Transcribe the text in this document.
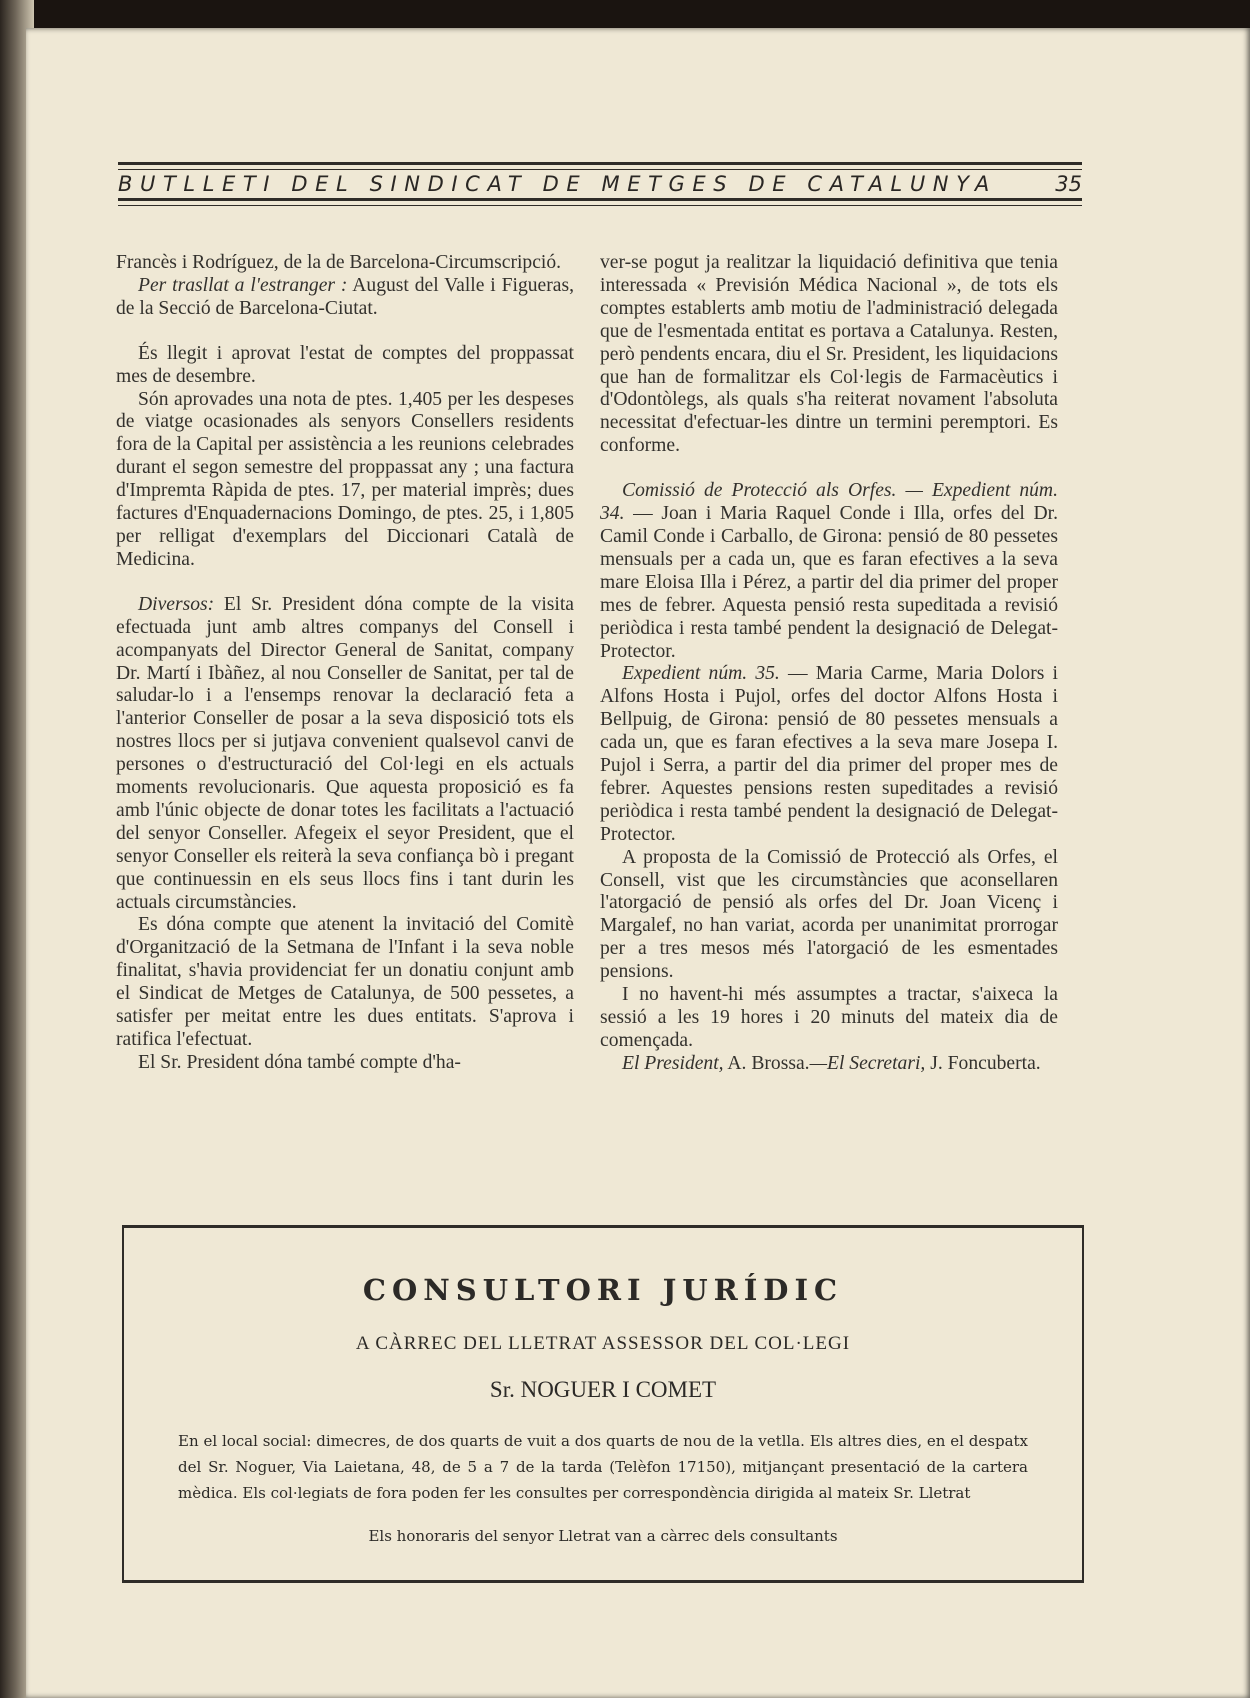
BUTLLETI DEL SINDICAT DE METGES DE CATALUNYA	35

Francès i Rodríguez, de la de Barcelona-Circumscripció.

Per trasllat a l'estranger : August del Valle i Figueras, de la Secció de Barcelona-Ciutat.

És llegit i aprovat l'estat de comptes del proppassat mes de desembre.

Són aprovades una nota de ptes. 1,405 per les despeses de viatge ocasionades als senyors Consellers residents fora de la Capital per assistència a les reunions celebrades durant el segon semestre del proppassat any ; una factura d'Impremta Ràpida de ptes. 17, per material imprès; dues factures d'Enquadernacions Domingo, de ptes. 25, i 1,805 per relligat d'exemplars del Diccionari Català de Medicina.

Diversos: El Sr. President dóna compte de la visita efectuada junt amb altres companys del Consell i acompanyats del Director General de Sanitat, company Dr. Martí i Ibàñez, al nou Conseller de Sanitat, per tal de saludar-lo i a l'ensemps renovar la declaració feta a l'anterior Conseller de posar a la seva disposició tots els nostres llocs per si jutjava convenient qualsevol canvi de persones o d'estructuració del Col·legi en els actuals moments revolucionaris. Que aquesta proposició es fa amb l'únic objecte de donar totes les facilitats a l'actuació del senyor Conseller. Afegeix el seyor President, que el senyor Conseller els reiterà la seva confiança bò i pregant que continuessin en els seus llocs fins i tant durin les actuals circumstàncies.

Es dóna compte que atenent la invitació del Comitè d'Organització de la Setmana de l'Infant i la seva noble finalitat, s'havia providenciat fer un donatiu conjunt amb el Sindicat de Metges de Catalunya, de 500 pessetes, a satisfer per meitat entre les dues entitats. S'aprova i ratifica l'efectuat.

El Sr. President dóna també compte d'ha-

ver-se pogut ja realitzar la liquidació definitiva que tenia interessada « Previsión Médica Nacional », de tots els comptes establerts amb motiu de l'administració delegada que de l'esmentada entitat es portava a Catalunya. Resten, però pendents encara, diu el Sr. President, les liquidacions que han de formalitzar els Col·legis de Farmacèutics i d'Odontòlegs, als quals s'ha reiterat novament l'absoluta necessitat d'efectuar-les dintre un termini peremptori. Es conforme.

Comissió de Protecció als Orfes. — Expedient núm. 34. — Joan i Maria Raquel Conde i Illa, orfes del Dr. Camil Conde i Carballo, de Girona: pensió de 80 pessetes mensuals per a cada un, que es faran efectives a la seva mare Eloisa Illa i Pérez, a partir del dia primer del proper mes de febrer. Aquesta pensió resta supeditada a revisió periòdica i resta també pendent la designació de Delegat-Protector.

Expedient núm. 35. — Maria Carme, Maria Dolors i Alfons Hosta i Pujol, orfes del doctor Alfons Hosta i Bellpuig, de Girona: pensió de 80 pessetes mensuals a cada un, que es faran efectives a la seva mare Josepa I. Pujol i Serra, a partir del dia primer del proper mes de febrer. Aquestes pensions resten supeditades a revisió periòdica i resta també pendent la designació de Delegat-Protector.

A proposta de la Comissió de Protecció als Orfes, el Consell, vist que les circumstàncies que aconsellaren l'atorgació de pensió als orfes del Dr. Joan Vicenç i Margalef, no han variat, acorda per unanimitat prorrogar per a tres mesos més l'atorgació de les esmentades pensions.

I no havent-hi més assumptes a tractar, s'aixeca la sessió a les 19 hores i 20 minuts del mateix dia de començada.

El President, A. Brossa.—El Secretari, J. Foncuberta.

CONSULTORI JURÍDIC
A CÀRREC DEL LLETRAT ASSESSOR DEL COL·LEGI
Sr. NOGUER I COMET
En el local social: dimecres, de dos quarts de vuit a dos quarts de nou de la vetlla. Els altres dies, en el despatx del Sr. Noguer, Via Laietana, 48, de 5 a 7 de la tarda (Telèfon 17150), mitjançant presentació de la cartera mèdica. Els col·legiats de fora poden fer les consultes per correspondència dirigida al mateix Sr. Lletrat
Els honoraris del senyor Lletrat van a càrrec dels consultants
